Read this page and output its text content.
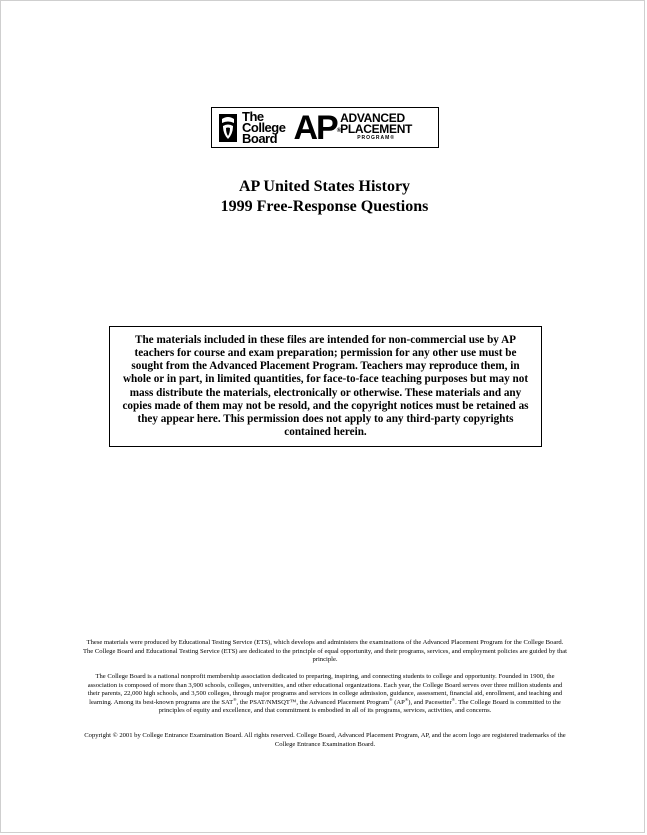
The
College
Board AP®
ADVANCED
PLACEMENT
PROGRAM®
AP United States History
1999 Free-Response Questions
The materials included in these files are intended for non-commercial use by AP teachers for course and exam preparation; permission for any other use must be sought from the Advanced Placement Program. Teachers may reproduce them, in whole or in part, in limited quantities, for face-to-face teaching purposes but may not mass distribute the materials, electronically or otherwise. These materials and any copies made of them may not be resold, and the copyright notices must be retained as they appear here. This permission does not apply to any third-party copyrights contained herein.
These materials were produced by Educational Testing Service (ETS), which develops and administers the examinations of the Advanced Placement Program for the College Board. The College Board and Educational Testing Service (ETS) are dedicated to the principle of equal opportunity, and their programs, services, and employment policies are guided by that principle.
The College Board is a national nonprofit membership association dedicated to preparing, inspiring, and connecting students to college and opportunity. Founded in 1900, the association is composed of more than 3,900 schools, colleges, universities, and other educational organizations. Each year, the College Board serves over three million students and their parents, 22,000 high schools, and 3,500 colleges, through major programs and services in college admission, guidance, assessment, financial aid, enrollment, and teaching and learning. Among its best-known programs are the SAT®, the PSAT/NMSQT™, the Advanced Placement Program® (AP®), and Pacesetter®. The College Board is committed to the principles of equity and excellence, and that commitment is embodied in all of its programs, services, activities, and concerns.
Copyright © 2001 by College Entrance Examination Board. All rights reserved. College Board, Advanced Placement Program, AP, and the acorn logo are registered trademarks of the College Entrance Examination Board.
